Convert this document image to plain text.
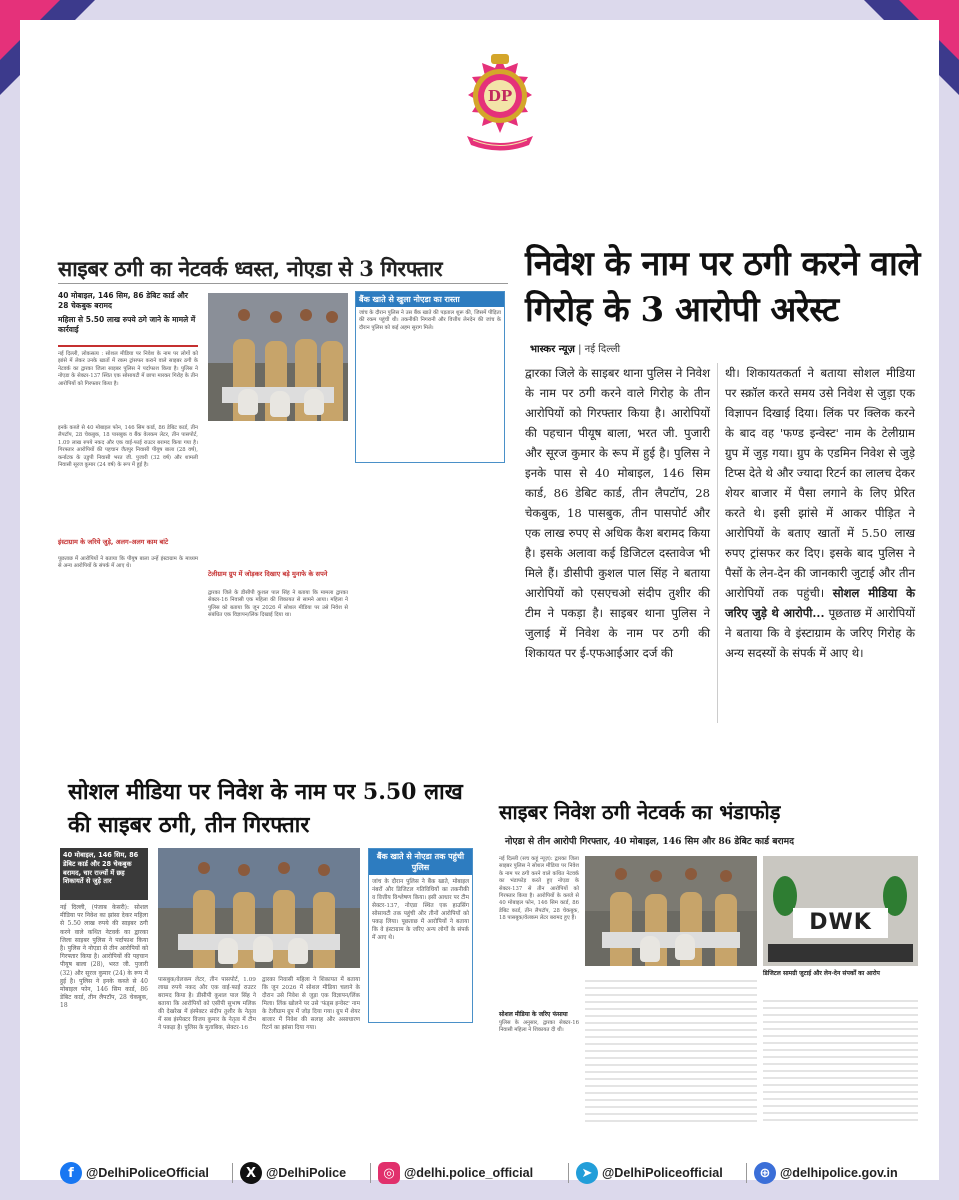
DP
साइबर ठगी का नेटवर्क ध्वस्त, नोएडा से 3 गिरफ्तार
40 मोबाइल, 146 सिम, 86 डेबिट कार्ड और 28 चेकबुक बरामद
महिला से 5.50 लाख रुपये ठगे जाने के मामले में कार्रवाई
नई दिल्ली, लोकसत्य : सोशल मीडिया पर निवेश के नाम पर लोगों को झांसे में लेकर उनके खातों में रकम ट्रांसफर कराने वाले साइबर ठगी के नेटवर्क का द्वारका जिला साइबर पुलिस ने पर्दाफाश किया है। पुलिस ने नोएडा के सेक्टर-137 स्थित एक सोसायटी में छापा मारकर गिरोह के तीन आरोपियों को गिरफ्तार किया है।
इनके कब्जे से 40 मोबाइल फोन, 146 सिम कार्ड, 86 डेबिट कार्ड, तीन लैपटॉप, 28 चेकबुक, 18 पासबुक व बैंक वेलकम लेटर, तीन पासपोर्ट, 1.09 लाख रुपये नकद और एक वाई-फाई राउटर बरामद किया गया है। गिरफ्तार आरोपियों की पहचान जैतपुर निवासी पीयूष बाला (28 वर्ष), कर्नाटक के उडुपी निवासी भरत जी. पुजारी (32 वर्ष) और शामली निवासी सूरज कुमार (24 वर्ष) के रूप में हुई है।
इंस्टाग्राम के जरिये जुड़े, अलग-अलग काम बांटे
पूछताछ में आरोपियों ने बताया कि पीयूष बाला उन्हें इंस्टाग्राम के माध्यम से अन्य आरोपियों के संपर्क में आए थे।
बैंक खाते से खुला नोएडा का रास्ता
जांच के दौरान पुलिस ने उस बैंक खाते की पड़ताल शुरू की, जिसमें पीड़िता की रकम पहुंची थी। तकनीकी निगरानी और वित्तीय लेनदेन की जांच के दौरान पुलिस को कई अहम सुराग मिले।
टेलीग्राम ग्रुप में जोड़कर दिखाए बड़े मुनाफे के सपने
द्वारका जिले के डीसीपी कुशल पाल सिंह ने बताया कि मामला द्वारका सेक्टर-16 निवासी एक महिला की शिकायत से सामने आया। महिला ने पुलिस को बताया कि जून 2026 में सोशल मीडिया पर उसे निवेश से संबंधित एक विज्ञापन/लिंक दिखाई दिया था।
निवेश के नाम पर ठगी करने वाले गिरोह के 3 आरोपी अरेस्ट
भास्कर न्यूज़ | नई दिल्ली
द्वारका जिले के साइबर थाना पुलिस ने निवेश के नाम पर ठगी करने वाले गिरोह के तीन आरोपियों को गिरफ्तार किया है। आरोपियों की पहचान पीयूष बाला, भरत जी. पुजारी और सूरज कुमार के रूप में हुई है। पुलिस ने इनके पास से 40 मोबाइल, 146 सिम कार्ड, 86 डेबिट कार्ड, तीन लैपटॉप, 28 चेकबुक, 18 पासबुक, तीन पासपोर्ट और एक लाख रुपए से अधिक कैश बरामद किया है। इसके अलावा कई डिजिटल दस्तावेज भी मिले हैं। डीसीपी कुशल पाल सिंह ने बताया आरोपियों को एसएचओ संदीप तुशीर की टीम ने पकड़ा है। साइबर थाना पुलिस ने जुलाई में निवेश के नाम पर ठगी की शिकायत पर ई-एफआईआर दर्ज की
थी। शिकायतकर्ता ने बताया सोशल मीडिया पर स्क्रॉल करते समय उसे निवेश से जुड़ा एक विज्ञापन दिखाई दिया। लिंक पर क्लिक करने के बाद वह 'फण्ड इन्वेस्ट' नाम के टेलीग्राम ग्रुप में जुड़ गया। ग्रुप के एडमिन निवेश से जुड़े टिप्स देते थे और ज्यादा रिटर्न का लालच देकर शेयर बाजार में पैसा लगाने के लिए प्रेरित करते थे। इसी झांसे में आकर पीड़ित ने आरोपियों के बताए खातों में 5.50 लाख रुपए ट्रांसफर कर दिए। इसके बाद पुलिस ने पैसों के लेन-देन की जानकारी जुटाई और तीन आरोपियों तक पहुंची। सोशल मीडिया के जरिए जुड़े थे आरोपी... पूछताछ में आरोपियों ने बताया कि वे इंस्टाग्राम के जरिए गिरोह के अन्य सदस्यों के संपर्क में आए थे।
सोशल मीडिया पर निवेश के नाम पर 5.50 लाख की साइबर ठगी, तीन गिरफ्तार
40 मोबाइल, 146 सिम, 86 डेबिट कार्ड और 28 चेकबुक बरामद, चार राज्यों में छह शिकायतें से जुड़े तार
नई दिल्ली, (पंजाब केसरी): सोशल मीडिया पर निवेश का झांसा देकर महिला से 5.50 लाख रुपये की साइबर ठगी करने वाले कथित नेटवर्क का द्वारका जिला साइबर पुलिस ने पर्दाफाश किया है। पुलिस ने नोएडा से तीन आरोपियों को गिरफ्तार किया है। आरोपियों की पहचान पीयूष बाला (28), भरत जी. पुजारी (32) और सूरज कुमार (24) के रूप में हुई है। पुलिस ने इनके कब्जे से 40 मोबाइल फोन, 146 सिम कार्ड, 86 डेबिट कार्ड, तीन लैपटॉप, 28 चेकबुक, 18
बैंक खाते से नोएडा तक पहुंची पुलिस
जांच के दौरान पुलिस ने बैंक खाते, मोबाइल नंबरों और डिजिटल गतिविधियों का तकनीकी व वित्तीय विश्लेषण किया। इसी आधार पर टीम सेक्टर-137, नोएडा स्थित एक हाउसिंग सोसायटी तक पहुंची और तीनों आरोपियों को पकड़ लिया। पूछताछ में आरोपियों ने बताया कि वे इंस्टाग्राम के जरिए अन्य लोगों के संपर्क में आए थे।
पासबुक/वेलकम लेटर, तीन पासपोर्ट, 1.09 लाख रुपये नकद और एक वाई-फाई राउटर बरामद किया है। डीसीपी कुशल पाल सिंह ने बताया कि आरोपियों को एसीपी सुभाष मलिक की देखरेख में इंस्पेक्टर संदीप तुशीर के नेतृत्व में सब इंस्पेक्टर विजय कुमार के नेतृत्व में टीम ने पकड़ा है। पुलिस के मुताबिक, सेक्टर-16
द्वारका निवासी महिला ने शिकायत में बताया कि जून 2026 में सोशल मीडिया चलाने के दौरान उसे निवेश से जुड़ा एक विज्ञापन/लिंक मिला। लिंक खोलने पर उसे 'फंड्स इन्वेस्ट' नाम के टेलीग्राम ग्रुप में जोड़ दिया गया। ग्रुप में शेयर बाजार में निवेश की सलाह और असाधारण रिटर्न का झांसा दिया गया।
साइबर निवेश ठगी नेटवर्क का भंडाफोड़
नोएडा से तीन आरोपी गिरफ्तार, 40 मोबाइल, 146 सिम और 86 डेबिट कार्ड बरामद
नई दिल्ली (सच कहूं न्यूज़): द्वारका जिला साइबर पुलिस ने सोशल मीडिया पर निवेश के नाम पर ठगी करने वाले कथित नेटवर्क का भंडाफोड़ करते हुए नोएडा के सेक्टर-137 से तीन आरोपियों को गिरफ्तार किया है। आरोपियों के कब्जे से 40 मोबाइल फोन, 146 सिम कार्ड, 86 डेबिट कार्ड, तीन लैपटॉप, 28 चेकबुक, 18 पासबुक/वेलकम लेटर बरामद हुए हैं।
सोशल मीडिया के जरिए फंसाया
पुलिस के अनुसार, द्वारका सेक्टर-16 निवासी महिला ने शिकायत दी थी।
DWK
डिजिटल सामग्री जुटाई और लेन-देन संपर्कों का आरोप
f @DelhiPoliceOfficial	X @DelhiPolice	◎ @delhi.police_official	➤ @DelhiPoliceofficial	⊕ @delhipolice.gov.in
